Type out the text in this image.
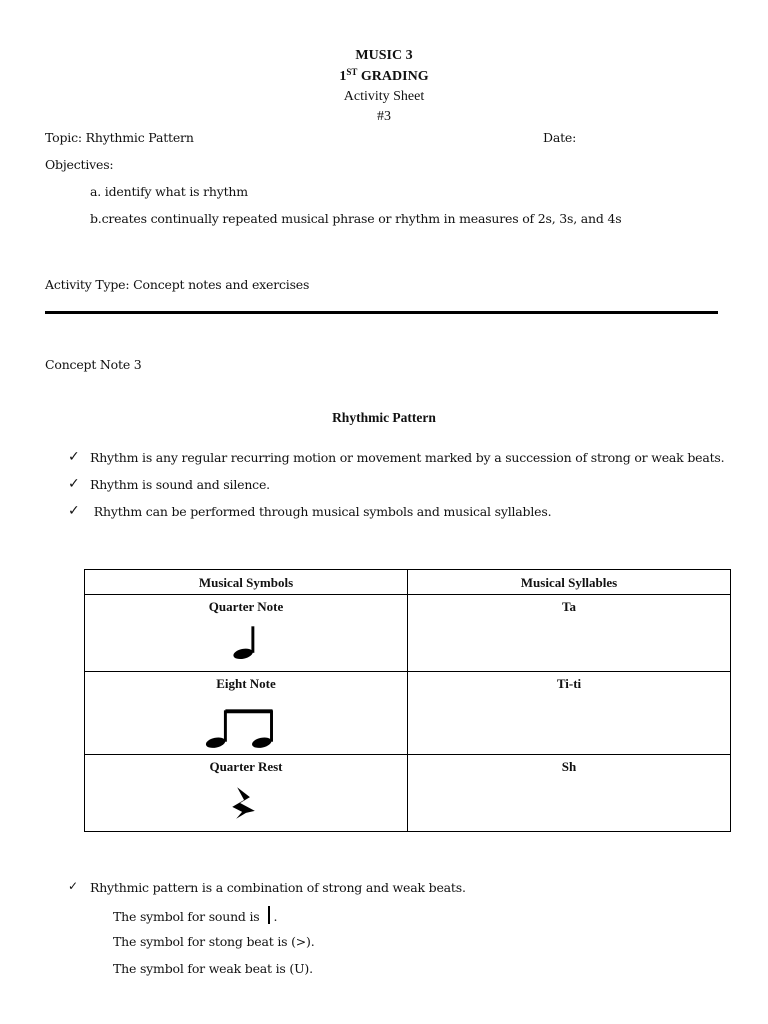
MUSIC 3
1ST GRADING
Activity Sheet
#3
Topic: Rhythmic Pattern	Date:
Objectives:
a. identify what is rhythm
b.creates continually repeated musical phrase or rhythm in measures of 2s, 3s, and 4s
Activity Type: Concept notes and exercises
Concept Note 3
Rhythmic Pattern
✓ Rhythm is any regular recurring motion or movement marked by a succession of strong or weak beats.
✓ Rhythm is sound and silence.
✓ Rhythm can be performed through musical symbols and musical syllables.
Musical Symbols	Musical Syllables

Quarter Note	Ta

Eight Note	Ti-ti

Quarter Rest	Sh
✓ Rhythmic pattern is a combination of strong and weak beats.
The symbol for sound is .
The symbol for stong beat is (>).
The symbol for weak beat is (U).
